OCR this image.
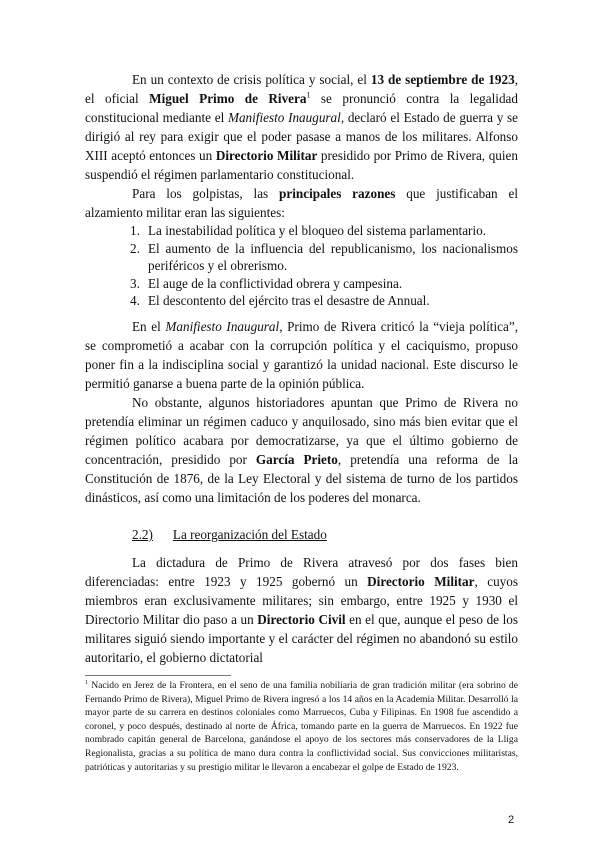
En un contexto de crisis política y social, el 13 de septiembre de 1923, el oficial Miguel Primo de Rivera$^1$ se pronunció contra la legalidad constitucional mediante el Manifiesto Inaugural, declaró el Estado de guerra y se dirigió al rey para exigir que el poder pasase a manos de los militares. Alfonso XIII aceptó entonces un Directorio Militar presidido por Primo de Rivera, quien suspendió el régimen parlamentario constitucional.
Para los golpistas, las principales razones que justificaban el alzamiento militar eran las siguientes:
1. La inestabilidad política y el bloqueo del sistema parlamentario.
2. El aumento de la influencia del republicanismo, los nacionalismos periféricos y el obrerismo.
3. El auge de la conflictividad obrera y campesina.
4. El descontento del ejército tras el desastre de Annual.
En el Manifiesto Inaugural, Primo de Rivera criticó la “vieja política”, se comprometió a acabar con la corrupción política y el caciquismo, propuso poner fin a la indisciplina social y garantizó la unidad nacional. Este discurso le permitió ganarse a buena parte de la opinión pública.
No obstante, algunos historiadores apuntan que Primo de Rivera no pretendía eliminar un régimen caduco y anquilosado, sino más bien evitar que el régimen político acabara por democratizarse, ya que el último gobierno de concentración, presidido por García Prieto, pretendía una reforma de la Constitución de 1876, de la Ley Electoral y del sistema de turno de los partidos dinásticos, así como una limitación de los poderes del monarca.
2.2) La reorganización del Estado
La dictadura de Primo de Rivera atravesó por dos fases bien diferenciadas: entre 1923 y 1925 gobernó un Directorio Militar, cuyos miembros eran exclusivamente militares; sin embargo, entre 1925 y 1930 el Directorio Militar dio paso a un Directorio Civil en el que, aunque el peso de los militares siguió siendo importante y el carácter del régimen no abandonó su estilo autoritario, el gobierno dictatorial
$^1$ Nacido en Jerez de la Frontera, en el seno de una familia nobiliaria de gran tradición militar (era sobrino de Fernando Primo de Rivera), Miguel Primo de Rivera ingresó a los 14 años en la Academia Militar. Desarrolló la mayor parte de su carrera en destinos coloniales como Marruecos, Cuba y Filipinas. En 1908 fue ascendido a coronel, y poco después, destinado al norte de África, tomando parte en la guerra de Marruecos. En 1922 fue nombrado capitán general de Barcelona, ganándose el apoyo de los sectores más conservadores de la Lliga Regionalista, gracias a su política de mano dura contra la conflictividad social. Sus convicciones militaristas, patrióticas y autoritarias y su prestigio militar le llevaron a encabezar el golpe de Estado de 1923.
2
